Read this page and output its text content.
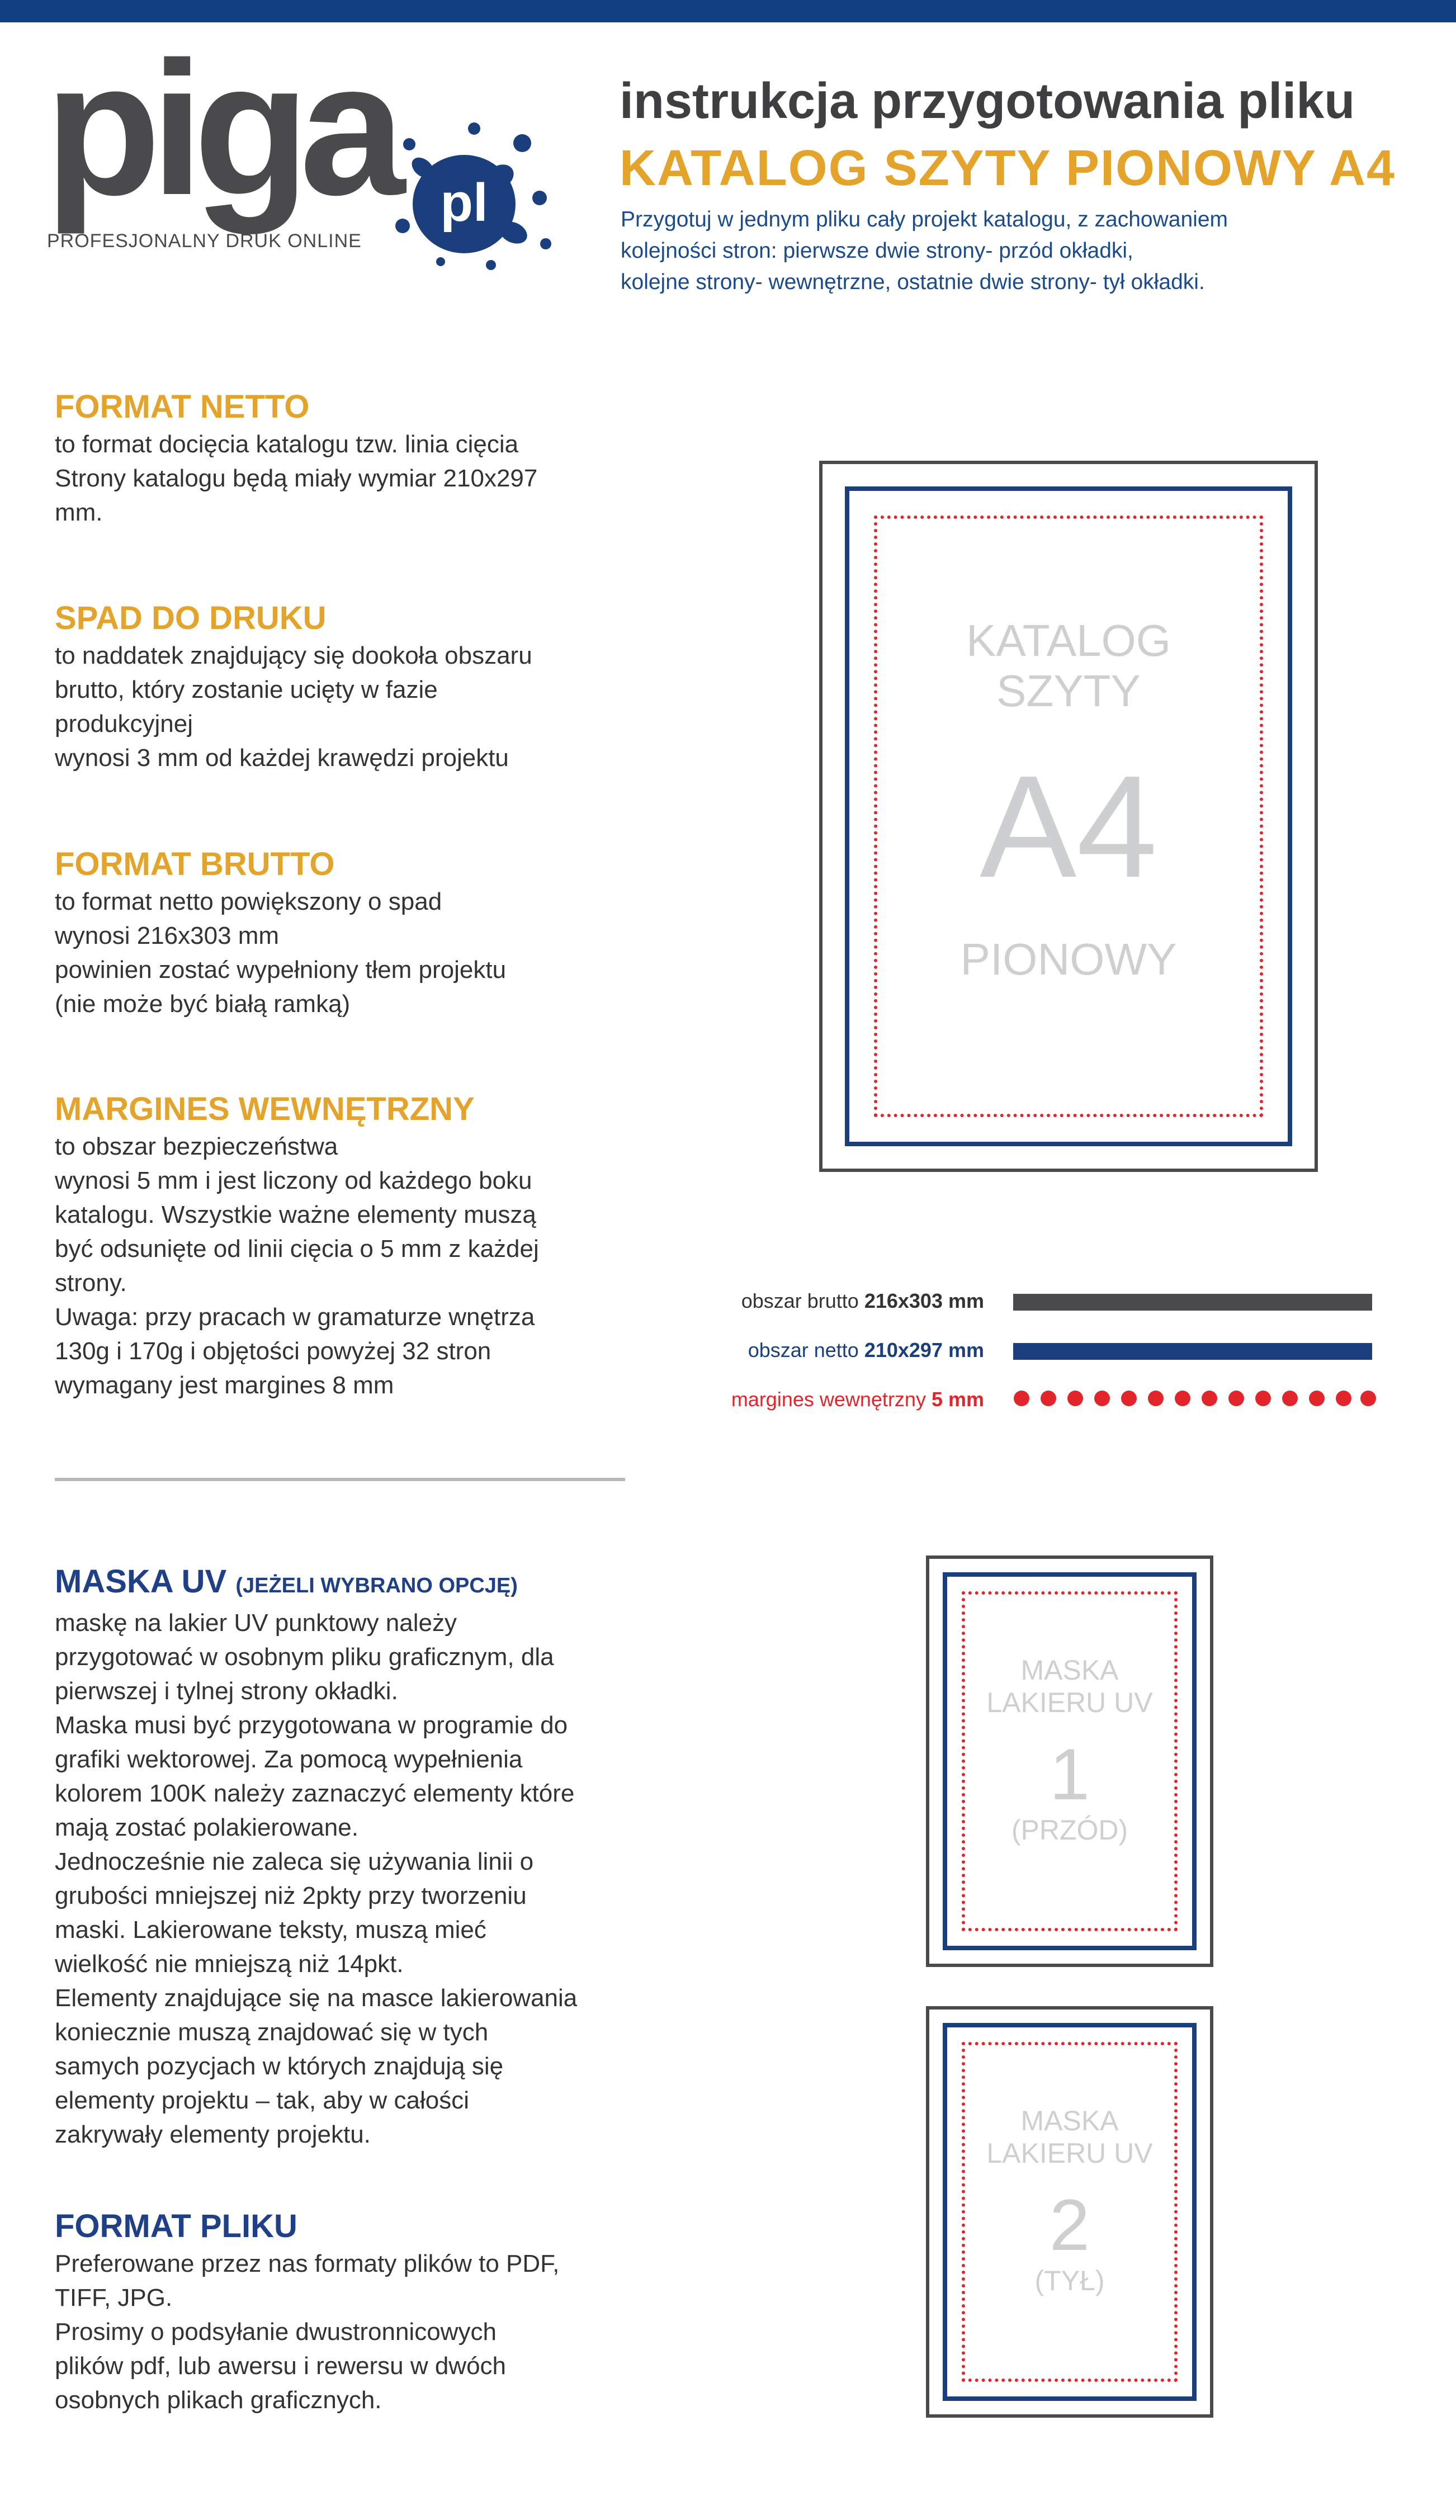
piga pl
PROFESJONALNY DRUK ONLINE
instrukcja przygotowania pliku
KATALOG SZYTY PIONOWY A4
Przygotuj w jednym pliku cały projekt katalogu, z zachowaniem
kolejności stron: pierwsze dwie strony- przód okładki,
kolejne strony- wewnętrzne, ostatnie dwie strony- tył okładki.
FORMAT NETTO
to format docięcia katalogu tzw. linia cięcia
Strony katalogu będą miały wymiar 210x297
mm.
SPAD DO DRUKU
to naddatek znajdujący się dookoła obszaru
brutto, który zostanie ucięty w fazie
produkcyjnej
wynosi 3 mm od każdej krawędzi projektu
FORMAT BRUTTO
to format netto powiększony o spad
wynosi 216x303 mm
powinien zostać wypełniony tłem projektu
(nie może być białą ramką)
MARGINES WEWNĘTRZNY
to obszar bezpieczeństwa
wynosi 5 mm i jest liczony od każdego boku
katalogu. Wszystkie ważne elementy muszą
być odsunięte od linii cięcia o 5 mm z każdej
strony.
Uwaga: przy pracach w gramaturze wnętrza
130g i 170g i objętości powyżej 32 stron
wymagany jest margines 8 mm
MASKA UV (JEŻELI WYBRANO OPCJĘ)
maskę na lakier UV punktowy należy
przygotować w osobnym pliku graficznym, dla
pierwszej i tylnej strony okładki.
Maska musi być przygotowana w programie do
grafiki wektorowej. Za pomocą wypełnienia
kolorem 100K należy zaznaczyć elementy które
mają zostać polakierowane.
Jednocześnie nie zaleca się używania linii o
grubości mniejszej niż 2pkty przy tworzeniu
maski. Lakierowane teksty, muszą mieć
wielkość nie mniejszą niż 14pkt.
Elementy znajdujące się na masce lakierowania
koniecznie muszą znajdować się w tych
samych pozycjach w których znajdują się
elementy projektu – tak, aby w całości
zakrywały elementy projektu.
FORMAT PLIKU
Preferowane przez nas formaty plików to PDF,
TIFF, JPG.
Prosimy o podsyłanie dwustronnicowych
plików pdf, lub awersu i rewersu w dwóch
osobnych plikach graficznych.
KATALOG
SZYTY
A4
PIONOWY
obszar brutto 216x303 mm
obszar netto 210x297 mm
margines wewnętrzny 5 mm
MASKA
LAKIERU UV
1
(PRZÓD)
MASKA
LAKIERU UV
2
(TYŁ)
